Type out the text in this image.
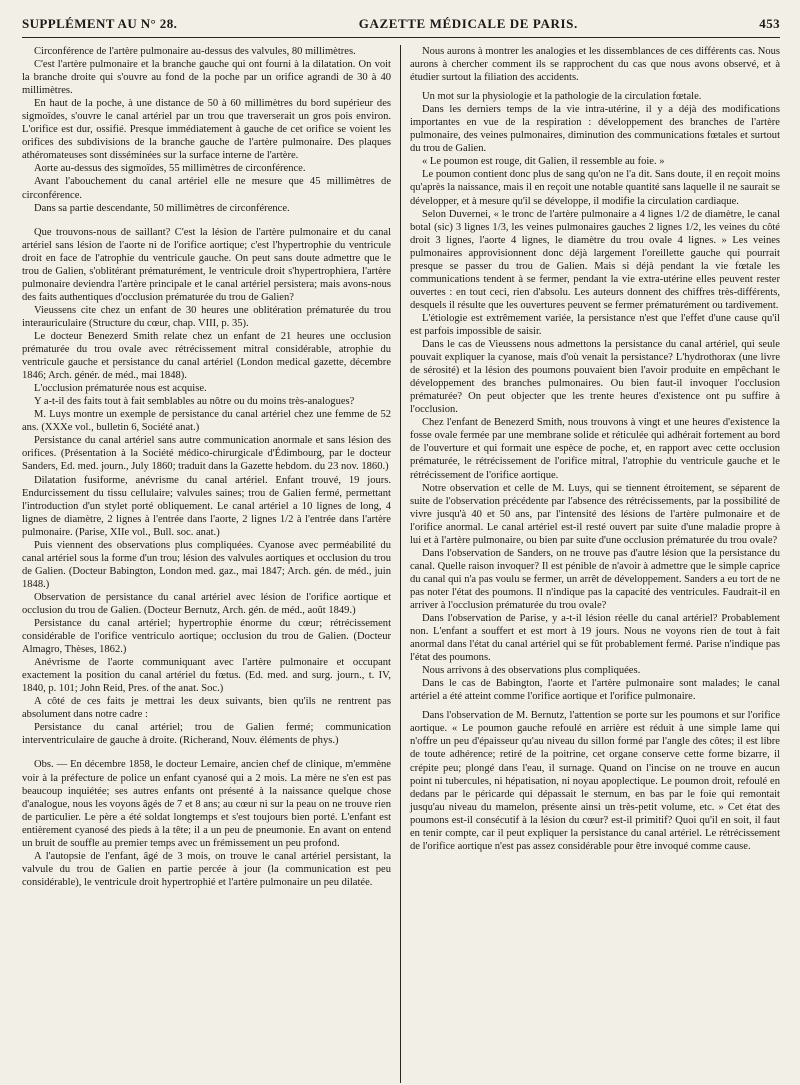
SUPPLÉMENT AU N° 28.	GAZETTE MÉDICALE DE PARIS.	453

Circonférence de l'artère pulmonaire au-dessus des valvules, 80 millimètres.

C'est l'artère pulmonaire et la branche gauche qui ont fourni à la dilatation. On voit la branche droite qui s'ouvre au fond de la poche par un orifice agrandi de 30 à 40 millimètres.

En haut de la poche, à une distance de 50 à 60 millimètres du bord supérieur des sigmoïdes, s'ouvre le canal artériel par un trou que traverserait un gros pois environ. L'orifice est dur, ossifié. Presque immédiatement à gauche de cet orifice se voient les orifices des subdivisions de la branche gauche de l'artère pulmonaire. Des plaques athéromateuses sont disséminées sur la surface interne de l'artère.

Aorte au-dessus des sigmoïdes, 55 millimètres de circonférence.

Avant l'abouchement du canal artériel elle ne mesure que 45 millimètres de circonférence.

Dans sa partie descendante, 50 millimètres de circonférence.

Que trouvons-nous de saillant? C'est la lésion de l'artère pulmonaire et du canal artériel sans lésion de l'aorte ni de l'orifice aortique; c'est l'hypertrophie du ventricule droit en face de l'atrophie du ventricule gauche. On peut sans doute admettre que le trou de Galien, s'oblitérant prématurément, le ventricule droit s'hypertrophiera, l'artère pulmonaire deviendra l'artère principale et le canal artériel persistera; mais avons-nous des faits authentiques d'occlusion prématurée du trou de Galien?

Vieussens cite chez un enfant de 30 heures une oblitération prématurée du trou interauriculaire (Structure du cœur, chap. VIII, p. 35).

Le docteur Benezerd Smith relate chez un enfant de 21 heures une occlusion prématurée du trou ovale avec rétrécissement mitral considérable, atrophie du ventricule gauche et persistance du canal artériel (London medical gazette, décembre 1846; Arch. génér. de méd., mai 1848).

L'occlusion prématurée nous est acquise.

Y a-t-il des faits tout à fait semblables au nôtre ou du moins très-analogues?

M. Luys montre un exemple de persistance du canal artériel chez une femme de 52 ans. (XXXe vol., bulletin 6, Société anat.)

Persistance du canal artériel sans autre communication anormale et sans lésion des orifices. (Présentation à la Société médico-chirurgicale d'Édimbourg, par le docteur Sanders, Ed. med. journ., July 1860; traduit dans la Gazette hebdom. du 23 nov. 1860.)

Dilatation fusiforme, anévrisme du canal artériel. Enfant trouvé, 19 jours. Endurcissement du tissu cellulaire; valvules saines; trou de Galien fermé, permettant l'introduction d'un stylet porté obliquement. Le canal artériel a 10 lignes de long, 4 lignes de diamètre, 2 lignes à l'entrée dans l'aorte, 2 lignes 1/2 à l'entrée dans l'artère pulmonaire. (Parise, XIIe vol., Bull. soc. anat.)

Puis viennent des observations plus compliquées. Cyanose avec perméabilité du canal artériel sous la forme d'un trou; lésion des valvules aortiques et occlusion du trou de Galien. (Docteur Babington, London med. gaz., mai 1847; Arch. gén. de méd., juin 1848.)

Observation de persistance du canal artériel avec lésion de l'orifice aortique et occlusion du trou de Galien. (Docteur Bernutz, Arch. gén. de méd., août 1849.)

Persistance du canal artériel; hypertrophie énorme du cœur; rétrécissement considérable de l'orifice ventriculo aortique; occlusion du trou de Galien. (Docteur Almagro, Thèses, 1862.)

Anévrisme de l'aorte communiquant avec l'artère pulmonaire et occupant exactement la position du canal artériel du fœtus. (Ed. med. and surg. journ., t. IV, 1840, p. 101; John Reid, Pres. of the anat. Soc.)

A côté de ces faits je mettrai les deux suivants, bien qu'ils ne rentrent pas absolument dans notre cadre :

Persistance du canal artériel; trou de Galien fermé; communication interventriculaire de gauche à droite. (Richerand, Nouv. éléments de phys.)

Obs. — En décembre 1858, le docteur Lemaire, ancien chef de clinique, m'emmène voir à la préfecture de police un enfant cyanosé qui a 2 mois. La mère ne s'en est pas beaucoup inquiétée; ses autres enfants ont présenté à la naissance quelque chose d'analogue, nous les voyons âgés de 7 et 8 ans; au cœur ni sur la peau on ne trouve rien de particulier. Le père a été soldat longtemps et s'est toujours bien porté. L'enfant est entièrement cyanosé des pieds à la tête; il a un peu de pneumonie. En avant on entend un bruit de souffle au premier temps avec un frémissement un peu profond.

A l'autopsie de l'enfant, âgé de 3 mois, on trouve le canal artériel persistant, la valvule du trou de Galien en partie percée à jour (la communication est peu considérable), le ventricule droit hypertrophié et l'artère pulmonaire un peu dilatée.

Nous aurons à montrer les analogies et les dissemblances de ces différents cas. Nous aurons à chercher comment ils se rapprochent du cas que nous avons observé, et à étudier surtout la filiation des accidents.

Un mot sur la physiologie et la pathologie de la circulation fœtale.

Dans les derniers temps de la vie intra-utérine, il y a déjà des modifications importantes en vue de la respiration : développement des branches de l'artère pulmonaire, des veines pulmonaires, diminution des communications fœtales et surtout du trou de Galien.

« Le poumon est rouge, dit Galien, il ressemble au foie. »

Le poumon contient donc plus de sang qu'on ne l'a dit. Sans doute, il en reçoit moins qu'après la naissance, mais il en reçoit une notable quantité sans laquelle il ne saurait se développer, et à mesure qu'il se développe, il modifie la circulation cardiaque.

Selon Duvernei, « le tronc de l'artère pulmonaire a 4 lignes 1/2 de diamètre, le canal botal (sic) 3 lignes 1/3, les veines pulmonaires gauches 2 lignes 1/2, les veines du côté droit 3 lignes, l'aorte 4 lignes, le diamètre du trou ovale 4 lignes. » Les veines pulmonaires approvisionnent donc déjà largement l'oreillette gauche qui pourrait presque se passer du trou de Galien. Mais si déjà pendant la vie fœtale les communications tendent à se fermer, pendant la vie extra-utérine elles peuvent rester ouvertes : en tout ceci, rien d'absolu. Les auteurs donnent des chiffres très-différents, desquels il résulte que les ouvertures peuvent se fermer prématurément ou tardivement.

L'étiologie est extrêmement variée, la persistance n'est que l'effet d'une cause qu'il est parfois impossible de saisir.

Dans le cas de Vieussens nous admettons la persistance du canal artériel, qui seule pouvait expliquer la cyanose, mais d'où venait la persistance? L'hydrothorax (une livre de sérosité) et la lésion des poumons pouvaient bien l'avoir produite en empêchant le développement des branches pulmonaires. Ou bien faut-il invoquer l'occlusion prématurée? On peut objecter que les trente heures d'existence ont pu suffire à l'occlusion.

Chez l'enfant de Benezerd Smith, nous trouvons à vingt et une heures d'existence la fosse ovale fermée par une membrane solide et réticulée qui adhérait fortement au bord de l'ouverture et qui formait une espèce de poche, et, en rapport avec cette occlusion prématurée, le rétrécissement de l'orifice mitral, l'atrophie du ventricule gauche et le rétrécissement de l'orifice aortique.

Notre observation et celle de M. Luys, qui se tiennent étroitement, se séparent de suite de l'observation précédente par l'absence des rétrécissements, par la possibilité de vivre jusqu'à 40 et 50 ans, par l'intensité des lésions de l'artère pulmonaire et de l'orifice anormal. Le canal artériel est-il resté ouvert par suite d'une maladie propre à lui et à l'artère pulmonaire, ou bien par suite d'une occlusion prématurée du trou ovale?

Dans l'observation de Sanders, on ne trouve pas d'autre lésion que la persistance du canal. Quelle raison invoquer? Il est pénible de n'avoir à admettre que le simple caprice du canal qui n'a pas voulu se fermer, un arrêt de développement. Sanders a eu tort de ne pas noter l'état des poumons. Il n'indique pas la capacité des ventricules. Faudrait-il en arriver à l'occlusion prématurée du trou ovale?

Dans l'observation de Parise, y a-t-il lésion réelle du canal artériel? Probablement non. L'enfant a souffert et est mort à 19 jours. Nous ne voyons rien de tout à fait anormal dans l'état du canal artériel qui se fût probablement fermé. Parise n'indique pas l'état des poumons.

Nous arrivons à des observations plus compliquées.

Dans le cas de Babington, l'aorte et l'artère pulmonaire sont malades; le canal artériel a été atteint comme l'orifice aortique et l'orifice pulmonaire.

Dans l'observation de M. Bernutz, l'attention se porte sur les poumons et sur l'orifice aortique. « Le poumon gauche refoulé en arrière est réduit à une simple lame qui n'offre un peu d'épaisseur qu'au niveau du sillon formé par l'angle des côtes; il est libre de toute adhérence; retiré de la poitrine, cet organe conserve cette forme bizarre, il crépite peu; plongé dans l'eau, il surnage. Quand on l'incise on ne trouve en aucun point ni tubercules, ni hépatisation, ni noyau apoplectique. Le poumon droit, refoulé en dedans par le péricarde qui dépassait le sternum, en bas par le foie qui remontait jusqu'au niveau du mamelon, présente ainsi un très-petit volume, etc. » Cet état des poumons est-il consécutif à la lésion du cœur? est-il primitif? Quoi qu'il en soit, il faut en tenir compte, car il peut expliquer la persistance du canal artériel. Le rétrécissement de l'orifice aortique n'est pas assez considérable pour être invoqué comme cause.
